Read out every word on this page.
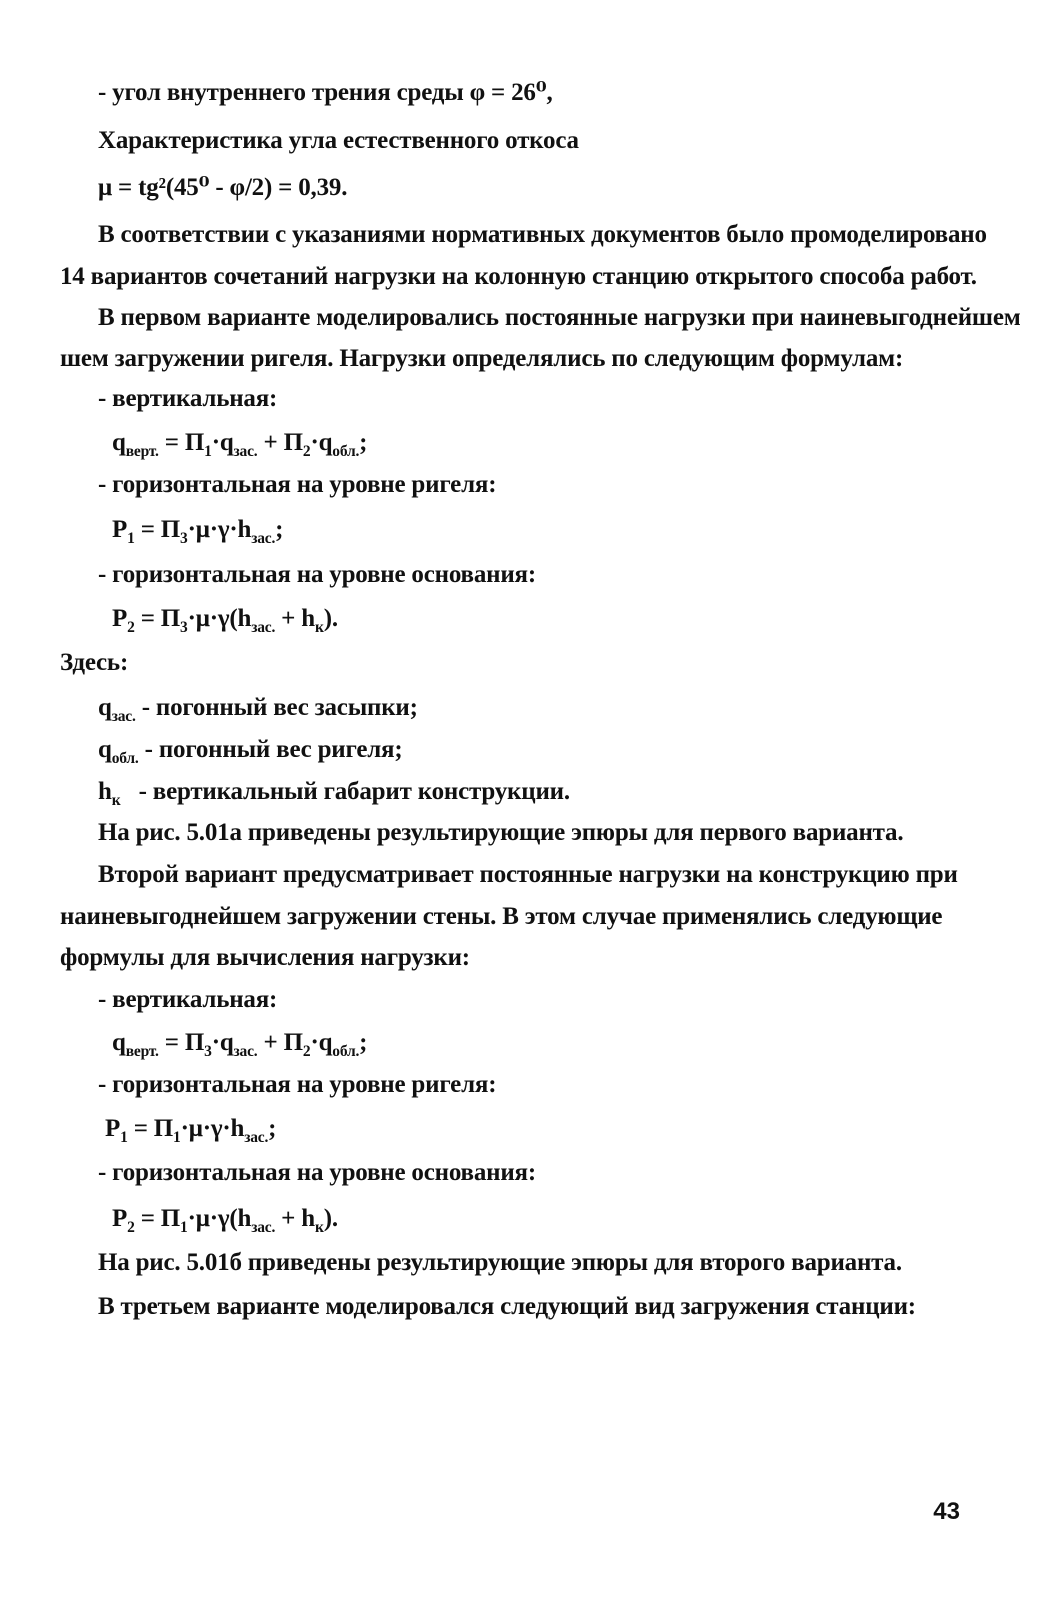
- угол внутреннего трения среды φ = 26⁰,
Характеристика угла естественного откоса
μ = tg²(45⁰ - φ/2) = 0,39.
В соответствии с указаниями нормативных документов было промоделировано
14 вариантов сочетаний нагрузки на колонную станцию открытого способа работ.
В первом варианте моделировались постоянные нагрузки при наиневыгоднейшем
шем загружении ригеля. Нагрузки определялись по следующим формулам:
- вертикальная:
$q_{верт.} = П_1\cdot q_{зас.} + П_2\cdot q_{обл.}$;
- горизонтальная на уровне ригеля:
$P_1 = П_3\cdot\mu\cdot\gamma\cdot h_{зас.}$;
- горизонтальная на уровне основания:
$P_2 = П_3\cdot\mu\cdot\gamma(h_{зас.} + h_к)$.
Здесь:
$q_{зас.}$ - погонный вес засыпки;
$q_{обл.}$ - погонный вес ригеля;
$h_к$   - вертикальный габарит конструкции.
На рис. 5.01а приведены результирующие эпюры для первого варианта.
Второй вариант предусматривает постоянные нагрузки на конструкцию при
наиневыгоднейшем загружении стены. В этом случае применялись следующие
формулы для вычисления нагрузки:
- вертикальная:
$q_{верт.} = П_3\cdot q_{зас.} + П_2\cdot q_{обл.}$;
- горизонтальная на уровне ригеля:
$P_1 = П_1\cdot\mu\cdot\gamma\cdot h_{зас.}$;
- горизонтальная на уровне основания:
$P_2 = П_1\cdot\mu\cdot\gamma(h_{зас.} + h_к)$.
На рис. 5.01б приведены результирующие эпюры для второго варианта.
В третьем варианте моделировался следующий вид загружения станции:
43
